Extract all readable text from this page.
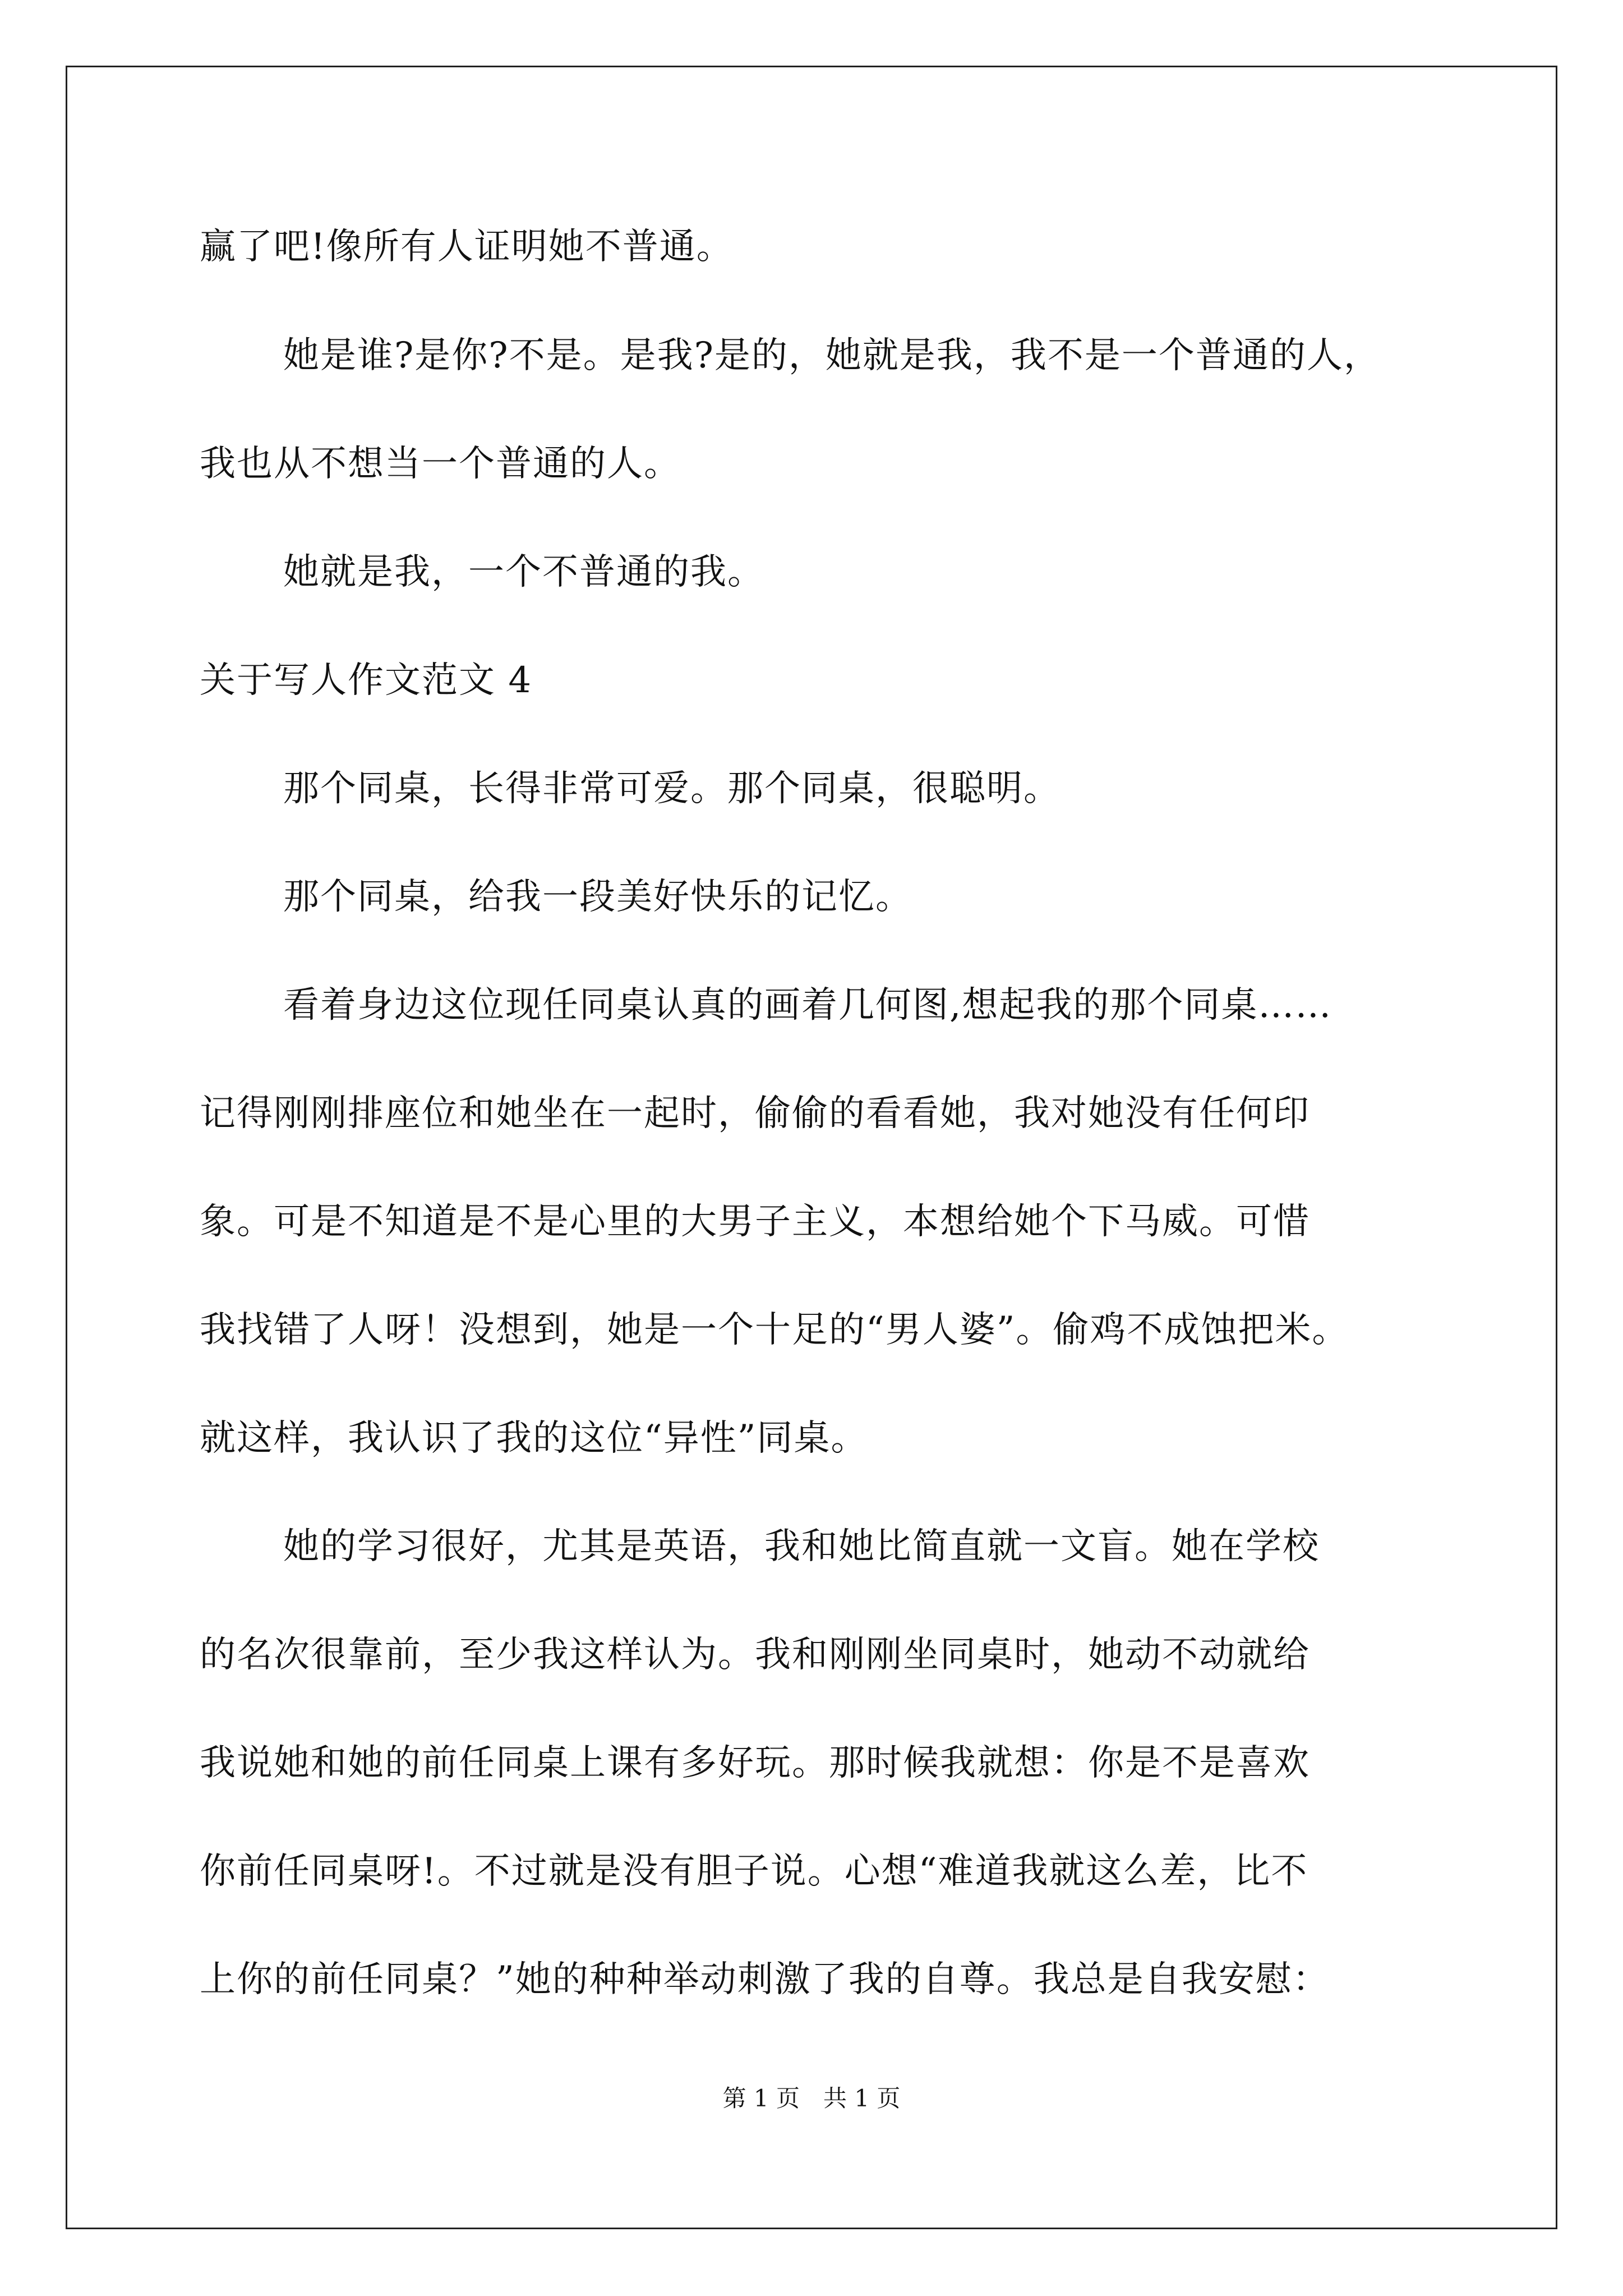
赢了吧!像所有人证明她不普通。
她是谁?是你?不是。是我?是的，她就是我，我不是一个普通的人，
我也从不想当一个普通的人。
她就是我，一个不普通的我。
关于写人作文范文 4
那个同桌，长得非常可爱。那个同桌，很聪明。
那个同桌，给我一段美好快乐的记忆。
看着身边这位现任同桌认真的画着几何图,想起我的那个同桌……
记得刚刚排座位和她坐在一起时，偷偷的看看她，我对她没有任何印
象。可是不知道是不是心里的大男子主义，本想给她个下马威。可惜
我找错了人呀！没想到，她是一个十足的“男人婆”。偷鸡不成蚀把米。
就这样，我认识了我的这位“异性”同桌。
她的学习很好，尤其是英语，我和她比简直就一文盲。她在学校
的名次很靠前，至少我这样认为。我和刚刚坐同桌时，她动不动就给
我说她和她的前任同桌上课有多好玩。那时候我就想：你是不是喜欢
你前任同桌呀!。不过就是没有胆子说。心想“难道我就这么差，比不
上你的前任同桌？”她的种种举动刺激了我的自尊。我总是自我安慰：
第 1 页　共 1 页
